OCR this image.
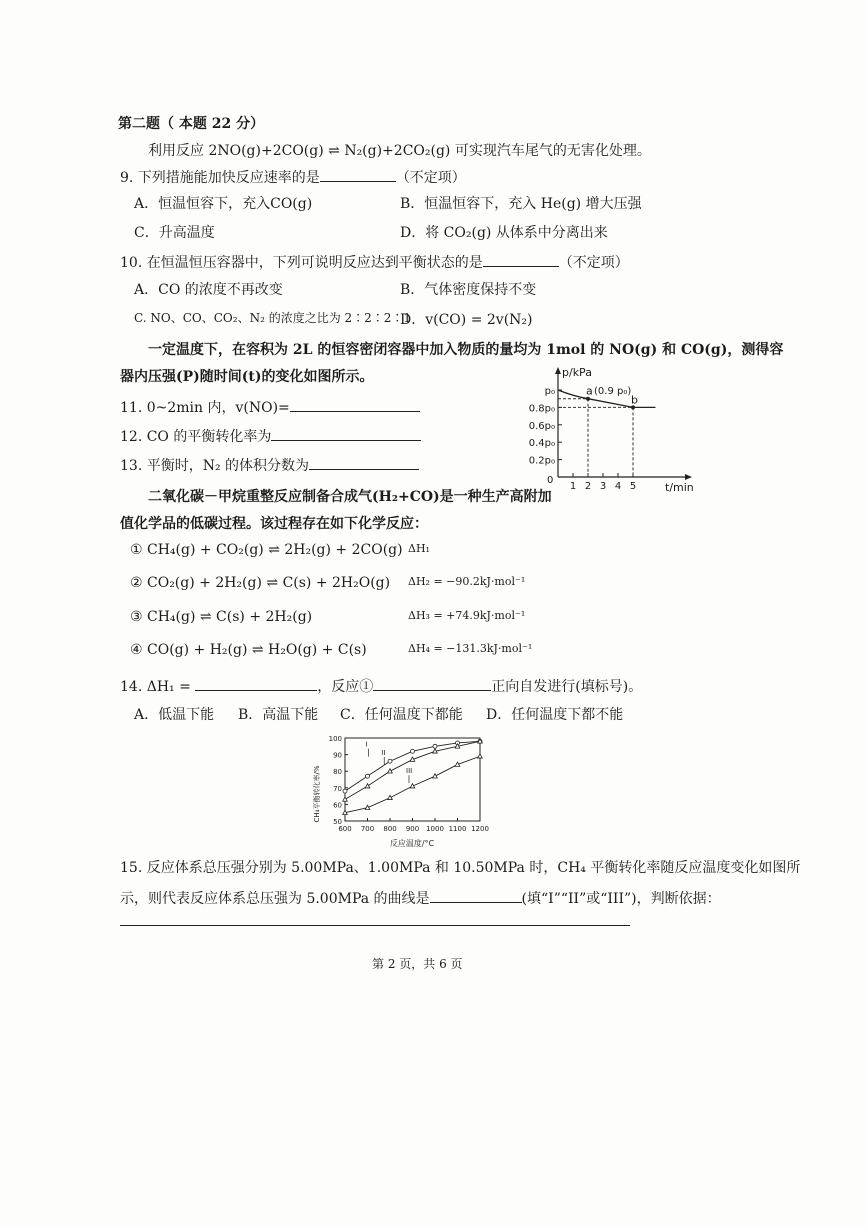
第二题（ 本题 22 分）
利用反应 2NO(g)+2CO(g) ⇌ N₂(g)+2CO₂(g) 可实现汽车尾气的无害化处理。
9. 下列措施能加快反应速率的是	（不定项）
A．恒温恒容下，充入CO(g)	B．恒温恒容下，充入 He(g) 增大压强
C．升高温度	D．将 CO₂(g) 从体系中分离出来
10. 在恒温恒压容器中，下列可说明反应达到平衡状态的是	（不定项）
A．CO 的浓度不再改变	B．气体密度保持不变
C. NO、CO、CO₂、N₂ 的浓度之比为 2∶2∶2∶1
D．v(CO) = 2v(N₂)
一定温度下，在容积为 2L 的恒容密闭容器中加入物质的量均为 1mol 的 NO(g) 和 CO(g)，测得容
器内压强(P)随时间(t)的变化如图所示。
11. 0~2min 内，v(NO)=
12. CO 的平衡转化率为
13. 平衡时，N₂ 的体积分数为	0.2p₀
0.4p₀
0.6p₀
0.8p₀
p₀
1 2 3 4 5
a
b
p/kPa
t/min
0
(0.9 p₀)
二氧化碳－甲烷重整反应制备合成气(H₂+CO)是一种生产高附加
值化学品的低碳过程。该过程存在如下化学反应：
① CH₄(g) + CO₂(g) ⇌ 2H₂(g) + 2CO(g) ΔH₁
② CO₂(g) + 2H₂(g) ⇌ C(s) + 2H₂O(g) ΔH₂ = −90.2kJ·mol⁻¹
③ CH₄(g) ⇌ C(s) + 2H₂(g)	ΔH₃ = +74.9kJ·mol⁻¹
④ CO(g) + H₂(g) ⇌ H₂O(g) + C(s)	ΔH₄ = −131.3kJ·mol⁻¹
14. ΔH₁ =	，反应①	正向自发进行(填标号)。
A．低温下能 B．高温下能 C．任何温度下都能 D．任何温度下都不能
CH₄平衡转化率/% 50
60
70
80
90
100
600 700 800 900 1000 1100 1200
I
II
III
反应温度/°C
15. 反应体系总压强分别为 5.00MPa、1.00MPa 和 10.50MPa 时，CH₄ 平衡转化率随反应温度变化如图所
示，则代表反应体系总压强为 5.00MPa 的曲线是	(填“I”“II”或“III”)，判断依据：
第 2 页，共 6 页
